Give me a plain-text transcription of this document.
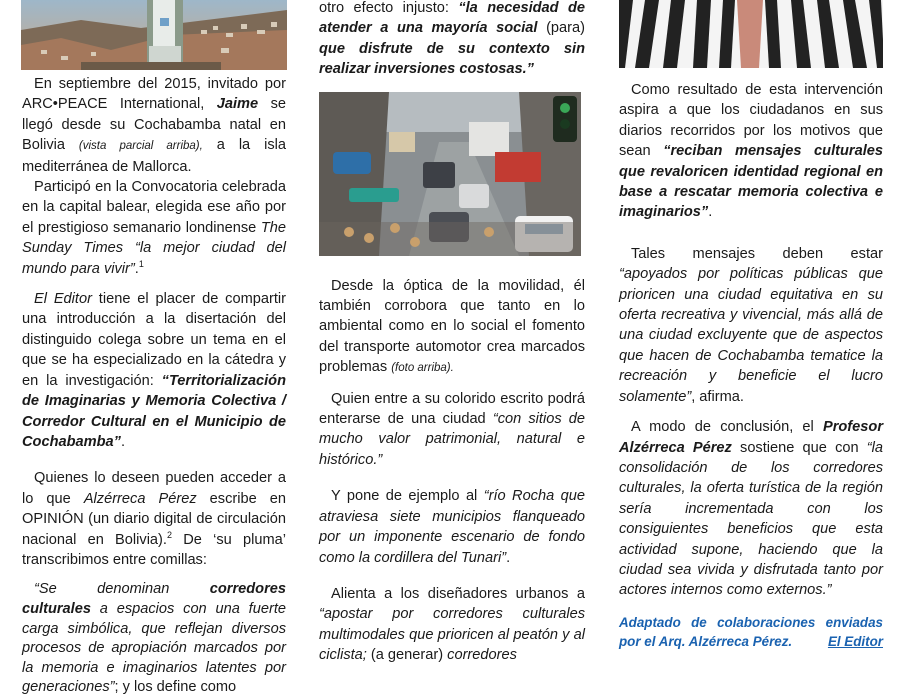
En septiembre del 2015, invitado por ARC•PEACE International, Jaime se llegó desde su Cochabamba natal en Bolivia (vista parcial arriba), a la isla mediterránea de Mallorca.

Participó en la Convocatoria celebrada en la capital balear, elegida ese año por el prestigioso semanario londinense The Sunday Times “la mejor ciudad del mundo para vivir”.$^1$

El Editor tiene el placer de compartir una introducción a la disertación del distinguido colega sobre un tema en el que se ha especializado en la cátedra y en la investigación: “Territorialización de Imaginarias y Memoria Colectiva / Corredor Cultural en el Municipio de Cochabamba”.

Quienes lo deseen pueden acceder a lo que Alzérreca Pérez escribe en OPINIÓN (un diario digital de circulación nacional en Bolivia).$^2$ De ‘su pluma’ transcribimos entre comillas:

“Se denominan corredores culturales a espacios con una fuerte carga simbólica, que reflejan diversos procesos de apropiación marcados por la memoria e imaginarios latentes por generaciones”; y los define como

otro efecto injusto: “la necesidad de atender a una mayoría social (para) que disfrute de su contexto sin realizar inversiones costosas.”

Desde la óptica de la movilidad, él también corrobora que tanto en lo ambiental como en lo social el fomento del transporte automotor crea marcados problemas (foto arriba).

Quien entre a su colorido escrito podrá enterarse de una ciudad “con sitios de mucho valor patrimonial, natural e histórico.”

Y pone de ejemplo al “río Rocha que atraviesa siete municipios flanqueado por un imponente escenario de fondo como la cordillera del Tunari”.

Alienta a los diseñadores urbanos a “apostar por corredores culturales multimodales que prioricen al peatón y al ciclista; (a generar) corredores

Como resultado de esta intervención aspira a que los ciudadanos en sus diarios recorridos por los motivos que sean “reciban mensajes culturales que revaloricen identidad regional en base a rescatar memoria colectiva e imaginarios”.

Tales mensajes deben estar “apoyados por políticas públicas que prioricen una ciudad equitativa en su oferta recreativa y vivencial, más allá de una ciudad excluyente que de aspectos que hacen de Cochabamba tematice la recreación y beneficie el lucro solamente”, afirma.

A modo de conclusión, el Profesor Alzérreca Pérez sostiene que con “la consolidación de los corredores culturales, la oferta turística de la región sería incrementada con los consiguientes beneficios que esta actividad supone, haciendo que la ciudad sea vivida y disfrutada tanto por actores internos como externos.”

Adaptado de colaboraciones enviadas por el Arq. Alzérreca Pérez.	El Editor
